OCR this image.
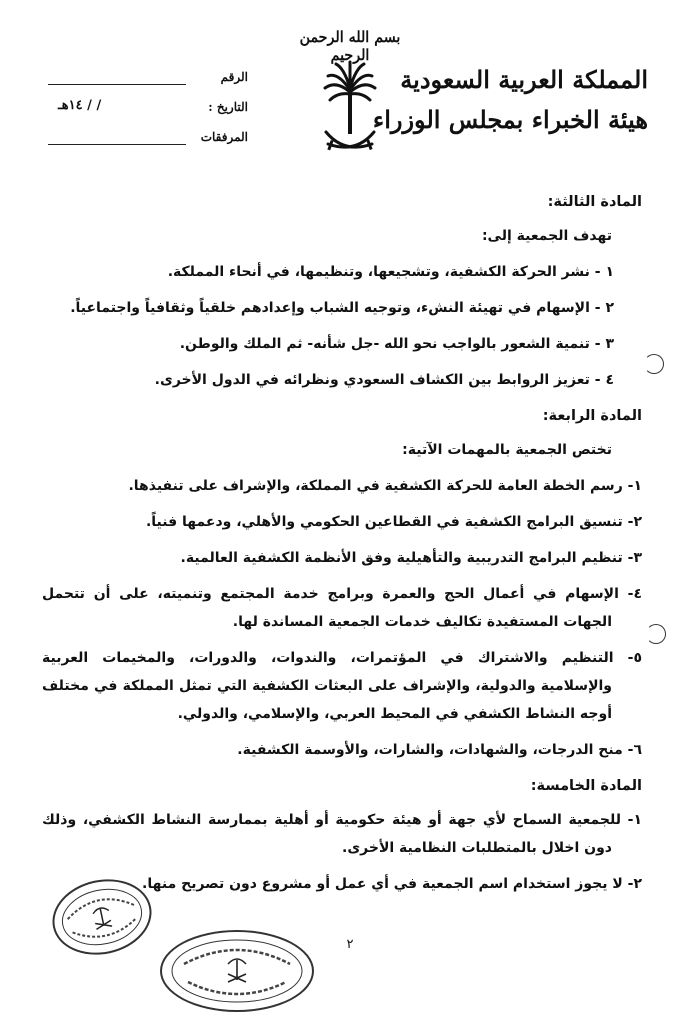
بسم الله الرحمن الرحيم
المملكة العربية السعودية
هيئة الخبراء بمجلس الوزراء
الرقم
التاريخ :
/ / ١٤هـ
المرفقات
المادة الثالثة:
تهدف الجمعية إلى:
١ - نشر الحركة الكشفية، وتشجيعها، وتنظيمها، في أنحاء المملكة.
٢ - الإسهام في تهيئة النشء، وتوجيه الشباب وإعدادهم خلقياً وثقافياً واجتماعياً.
٣ - تنمية الشعور بالواجب نحو الله -جل شأنه- ثم الملك والوطن.
٤ - تعزيز الروابط بين الكشاف السعودي ونظرائه في الدول الأخرى.
المادة الرابعة:
تختص الجمعية بالمهمات الآتية:
١- رسم الخطة العامة للحركة الكشفية في المملكة، والإشراف على تنفيذها.
٢- تنسيق البرامج الكشفية في القطاعين الحكومي والأهلي، ودعمها فنياً.
٣- تنظيم البرامج التدريبية والتأهيلية وفق الأنظمة الكشفية العالمية.
٤- الإسهام في أعمال الحج والعمرة وبرامج خدمة المجتمع وتنميته، على أن تتحمل الجهات المستفيدة تكاليف خدمات الجمعية المساندة لها.
٥- التنظيم والاشتراك في المؤتمرات، والندوات، والدورات، والمخيمات العربية والإسلامية والدولية، والإشراف على البعثات الكشفية التي تمثل المملكة في مختلف أوجه النشاط الكشفي في المحيط العربي، والإسلامي، والدولي.
٦- منح الدرجات، والشهادات، والشارات، والأوسمة الكشفية.
المادة الخامسة:
١- للجمعية السماح لأي جهة أو هيئة حكومية أو أهلية بممارسة النشاط الكشفي، وذلك دون اخلال بالمتطلبات النظامية الأخرى.
٢- لا يجوز استخدام اسم الجمعية في أي عمل أو مشروع دون تصريح منها.
٢
